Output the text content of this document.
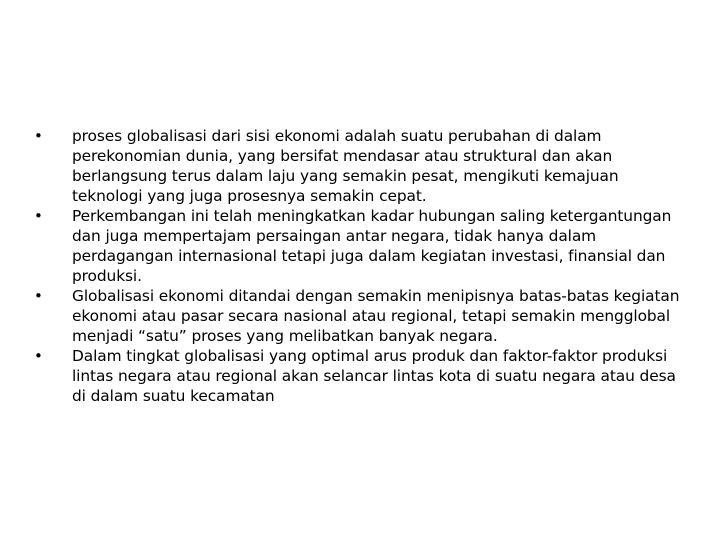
•	proses globalisasi dari sisi ekonomi adalah suatu perubahan di dalam perekonomian dunia, yang bersifat mendasar atau struktural dan akan berlangsung terus dalam laju yang semakin pesat, mengikuti kemajuan teknologi yang juga prosesnya semakin cepat.
•	Perkembangan ini telah meningkatkan kadar hubungan saling ketergantungan dan juga mempertajam persaingan antar negara, tidak hanya dalam perdagangan internasional tetapi juga dalam kegiatan investasi, finansial dan produksi.
•	Globalisasi ekonomi ditandai dengan semakin menipisnya batas-batas kegiatan ekonomi atau pasar secara nasional atau regional, tetapi semakin mengglobal menjadi “satu” proses yang melibatkan banyak negara.
•	Dalam tingkat globalisasi yang optimal arus produk dan faktor-faktor produksi lintas negara atau regional akan selancar lintas kota di suatu negara atau desa di dalam suatu kecamatan
